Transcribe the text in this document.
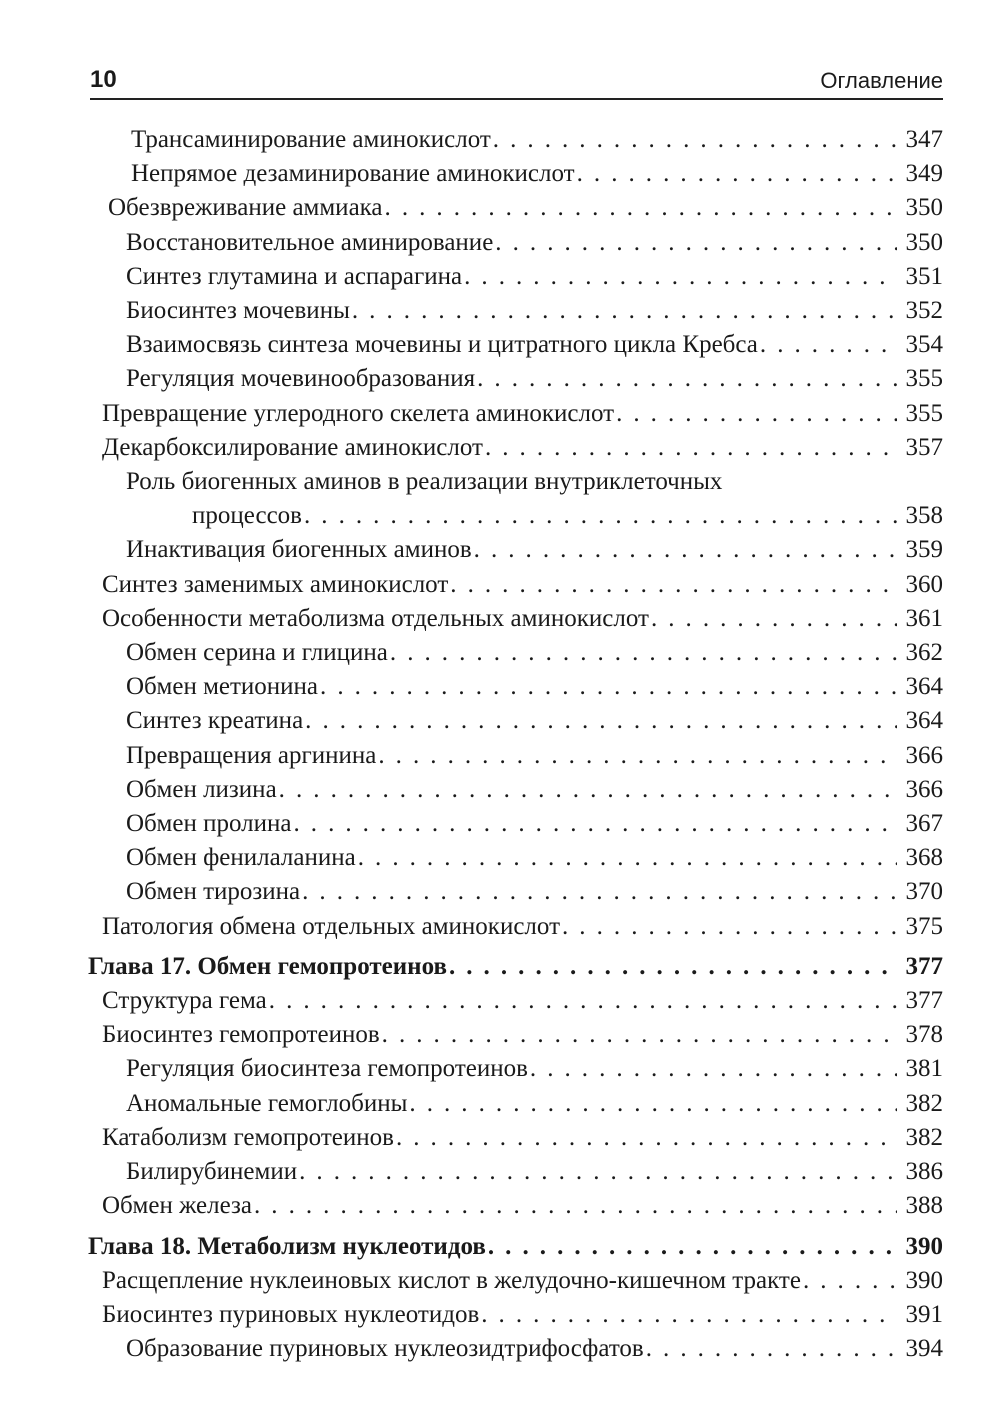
10	Оглавление
Трансаминирование аминокислот . . .	347
Непрямое дезаминирование аминокислот . . .	349
Обезвреживание аммиака . . .	350
Восстановительное аминирование . . .	350
Синтез глутамина и аспарагина . . .	351
Биосинтез мочевины . . .	352
Взаимосвязь синтеза мочевины и цитратного цикла Кребса . . .	354
Регуляция мочевинообразования . . .	355
Превращение углеродного скелета аминокислот . . .	355
Декарбоксилирование аминокислот . . .	357
Роль биогенных аминов в реализации внутриклеточных
процессов . . .	358
Инактивация биогенных аминов . . .	359
Синтез заменимых аминокислот . . .	360
Особенности метаболизма отдельных аминокислот . . .	361
Обмен серина и глицина . . .	362
Обмен метионина . . .	364
Синтез креатина . . .	364
Превращения аргинина . . .	366
Обмен лизина . . .	366
Обмен пролина . . .	367
Обмен фенилаланина . . .	368
Обмен тирозина . . .	370
Патология обмена отдельных аминокислот . . .	375
Глава 17. Обмен гемопротеинов . . .	377
Структура гема . . .	377
Биосинтез гемопротеинов . . .	378
Регуляция биосинтеза гемопротеинов . . .	381
Аномальные гемоглобины . . .	382
Катаболизм гемопротеинов . . .	382
Билирубинемии . . .	386
Обмен железа . . .	388
Глава 18. Метаболизм нуклеотидов . . .	390
Расщепление нуклеиновых кислот в желудочно-кишечном тракте . . .	390
Биосинтез пуриновых нуклеотидов . . .	391
Образование пуриновых нуклеозидтрифосфатов . . .	394
